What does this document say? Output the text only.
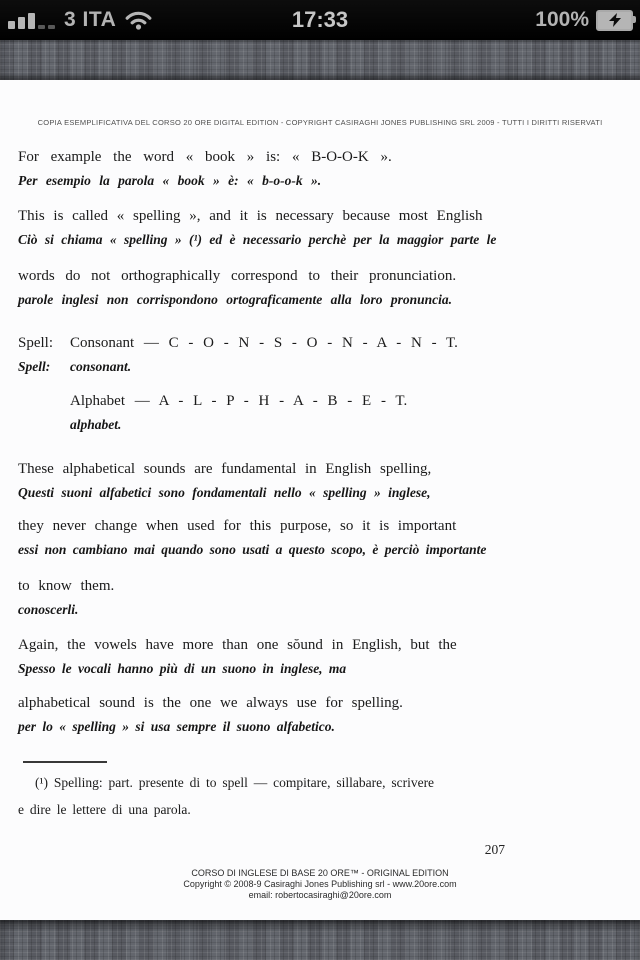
17:33
3 ITA	100%
COPIA ESEMPLIFICATIVA DEL CORSO 20 ORE DIGITAL EDITION - COPYRIGHT CASIRAGHI JONES PUBLISHING SRL 2009 - TUTTI I DIRITTI RISERVATI
For example the word « book » is: « B-O-O-K ».
Per esempio la parola « book » è: « b-o-o-k ».
This is called « spelling », and it is necessary because most English
Ciò si chiama « spelling » (¹) ed è necessario perchè per la maggior parte le
words do not orthographically correspond to their pronunciation.
parole inglesi non corrispondono ortograficamente alla loro pronuncia.
Spell:	Consonant — C - O - N - S - O - N - A - N - T.
Spell:	consonant.
Alphabet — A - L - P - H - A - B - E - T.
alphabet.
These alphabetical sounds are fundamental in English spelling,
Questi suoni alfabetici sono fondamentali nello « spelling » inglese,
they never change when used for this purpose, so it is important
essi non cambiano mai quando sono usati a questo scopo, è perciò importante
to know them.
conoscerli.
Again, the vowels have more than one sŏund in English, but the
Spesso le vocali hanno più di un suono in inglese, ma
alphabetical sound is the one we always use for spelling.
per lo « spelling » si usa sempre il suono alfabetico.
(¹) Spelling: part. presente di to spell — compitare, sillabare, scrivere
e dire le lettere di una parola.
207
CORSO DI INGLESE DI BASE 20 ORE™ - ORIGINAL EDITION
Copyright © 2008-9 Casiraghi Jones Publishing srl - www.20ore.com
email: robertocasiraghi@20ore.com
